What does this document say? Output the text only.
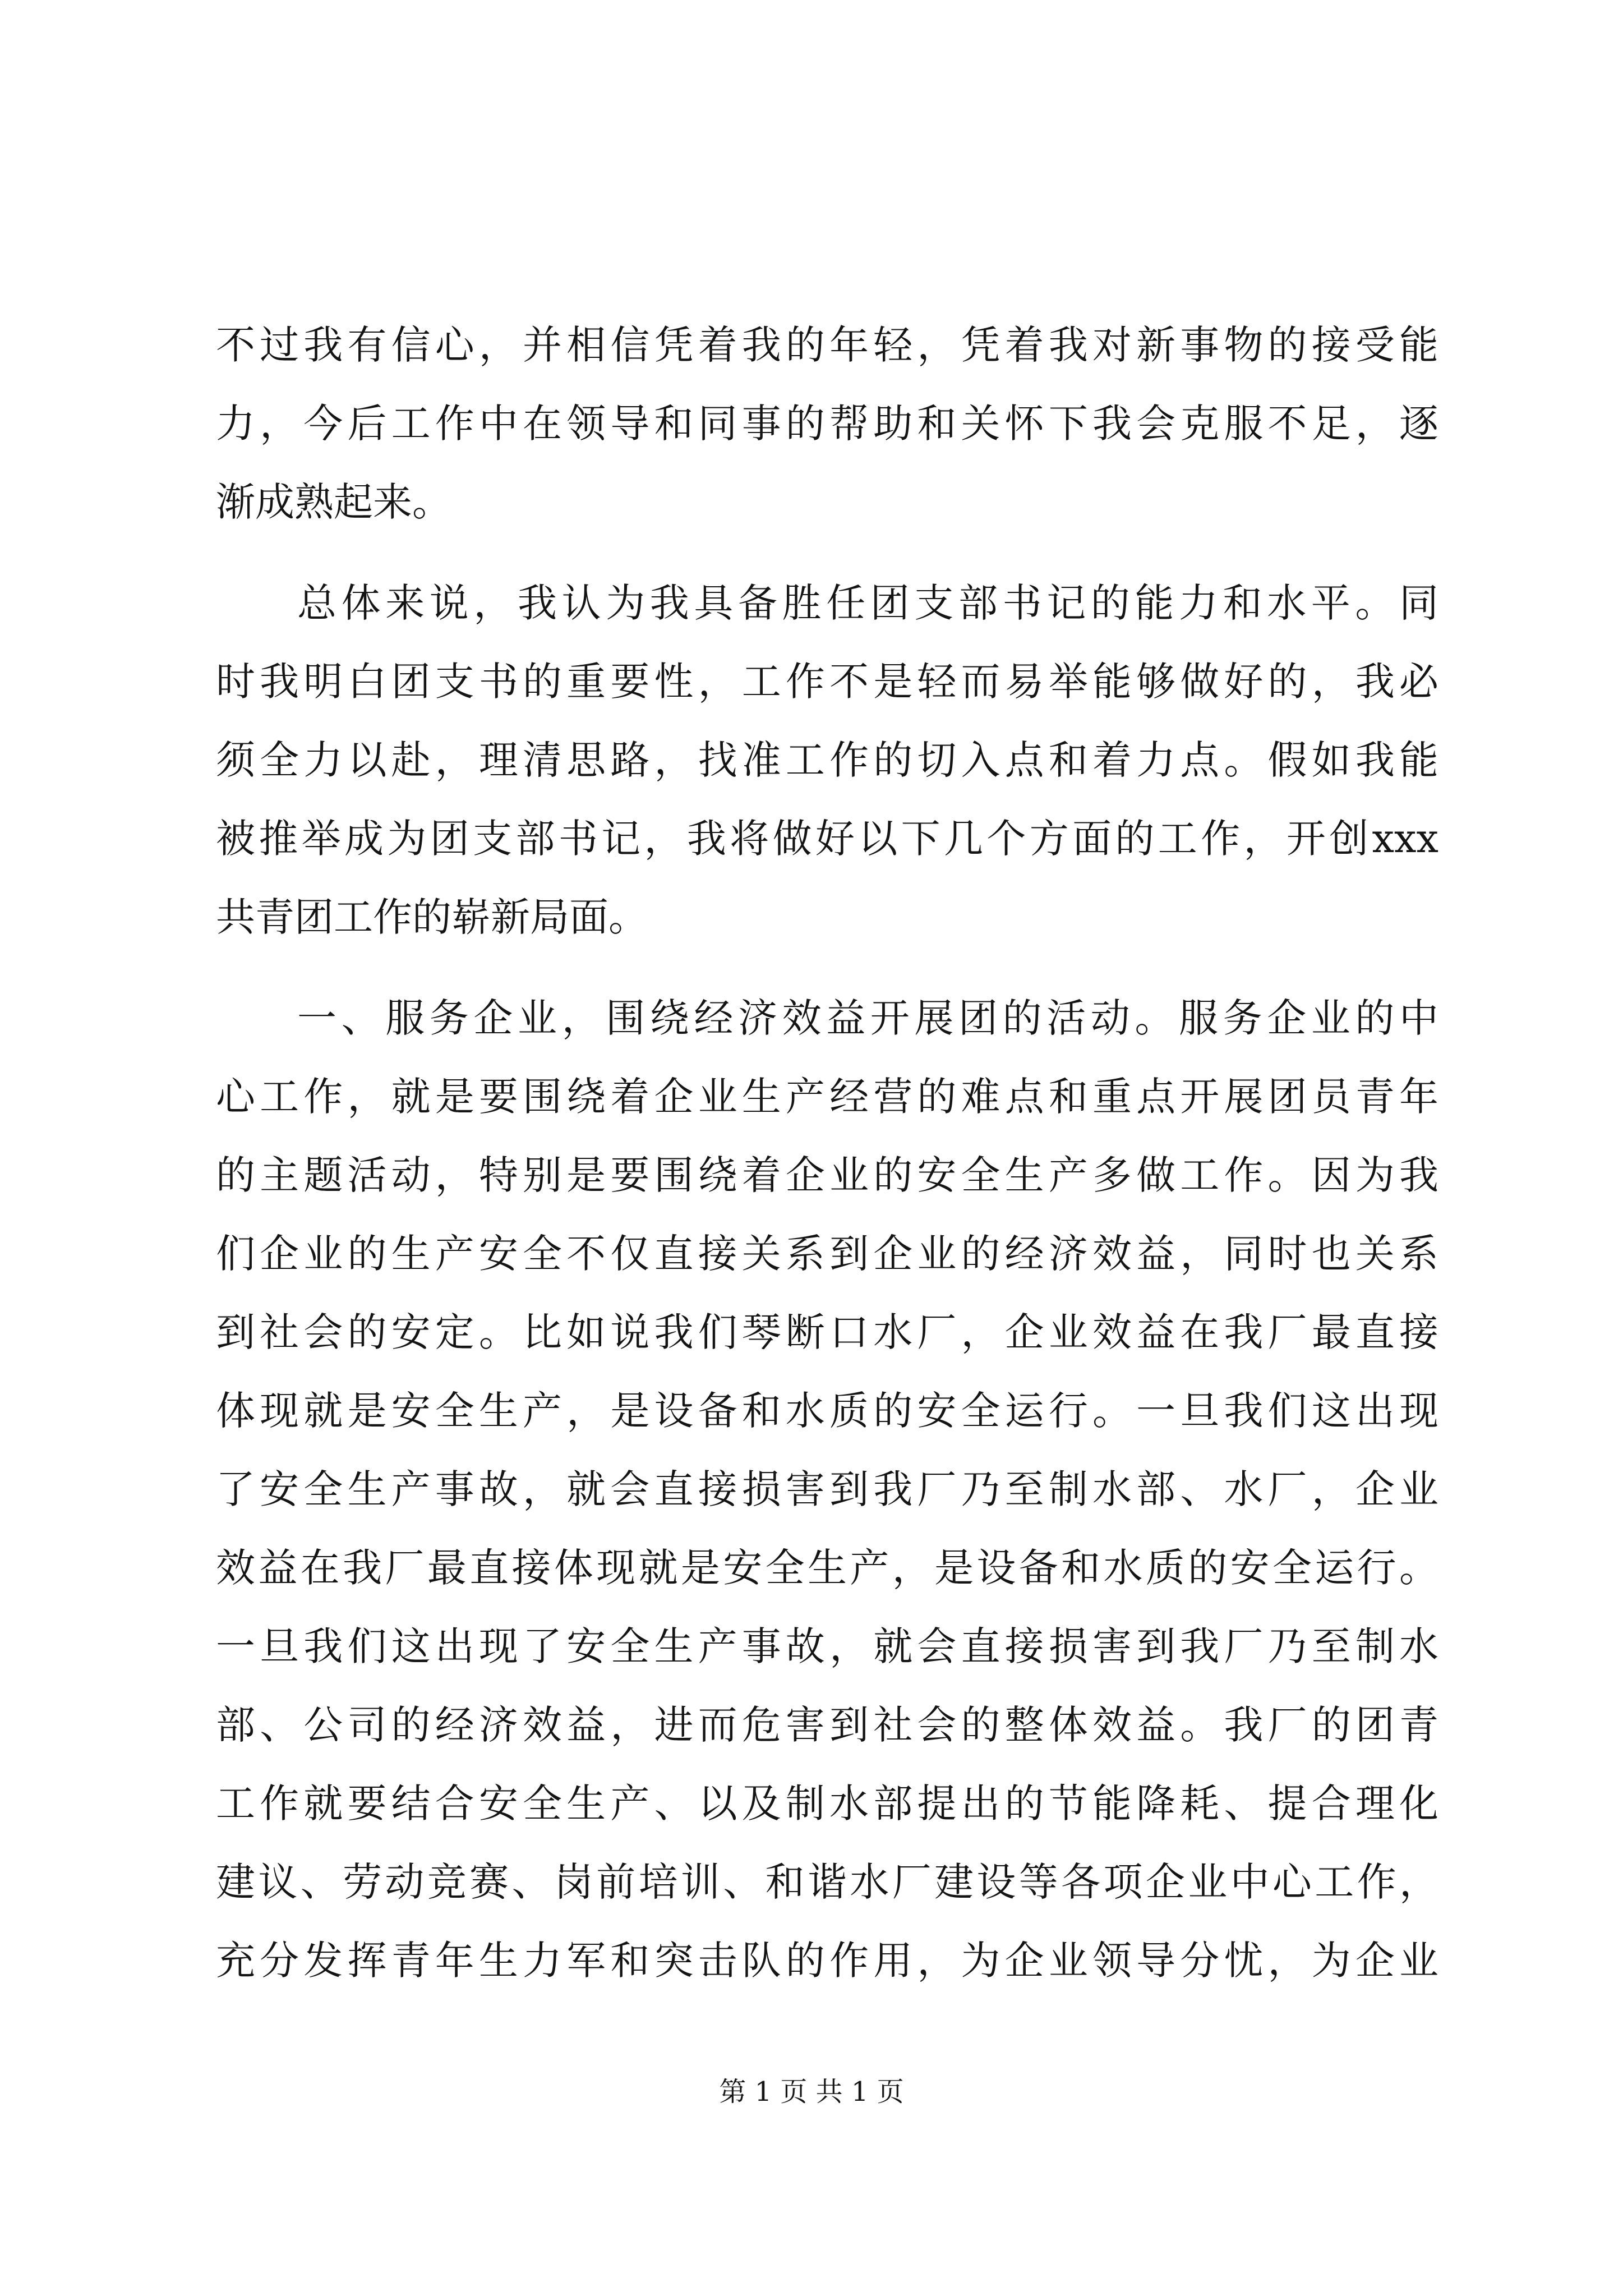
不过我有信心，并相信凭着我的年轻，凭着我对新事物的接受能
力，今后工作中在领导和同事的帮助和关怀下我会克服不足，逐
渐成熟起来。
总体来说，我认为我具备胜任团支部书记的能力和水平。同
时我明白团支书的重要性，工作不是轻而易举能够做好的，我必
须全力以赴，理清思路，找准工作的切入点和着力点。假如我能
被推举成为团支部书记，我将做好以下几个方面的工作，开创xxx
共青团工作的崭新局面。
一、服务企业，围绕经济效益开展团的活动。服务企业的中
心工作，就是要围绕着企业生产经营的难点和重点开展团员青年
的主题活动，特别是要围绕着企业的安全生产多做工作。因为我
们企业的生产安全不仅直接关系到企业的经济效益，同时也关系
到社会的安定。比如说我们琴断口水厂，企业效益在我厂最直接
体现就是安全生产，是设备和水质的安全运行。一旦我们这出现
了安全生产事故，就会直接损害到我厂乃至制水部、水厂，企业
效益在我厂最直接体现就是安全生产，是设备和水质的安全运行。
一旦我们这出现了安全生产事故，就会直接损害到我厂乃至制水
部、公司的经济效益，进而危害到社会的整体效益。我厂的团青
工作就要结合安全生产、以及制水部提出的节能降耗、提合理化
建议、劳动竞赛、岗前培训、和谐水厂建设等各项企业中心工作，
充分发挥青年生力军和突击队的作用，为企业领导分忧，为企业
第 1 页 共 1 页
